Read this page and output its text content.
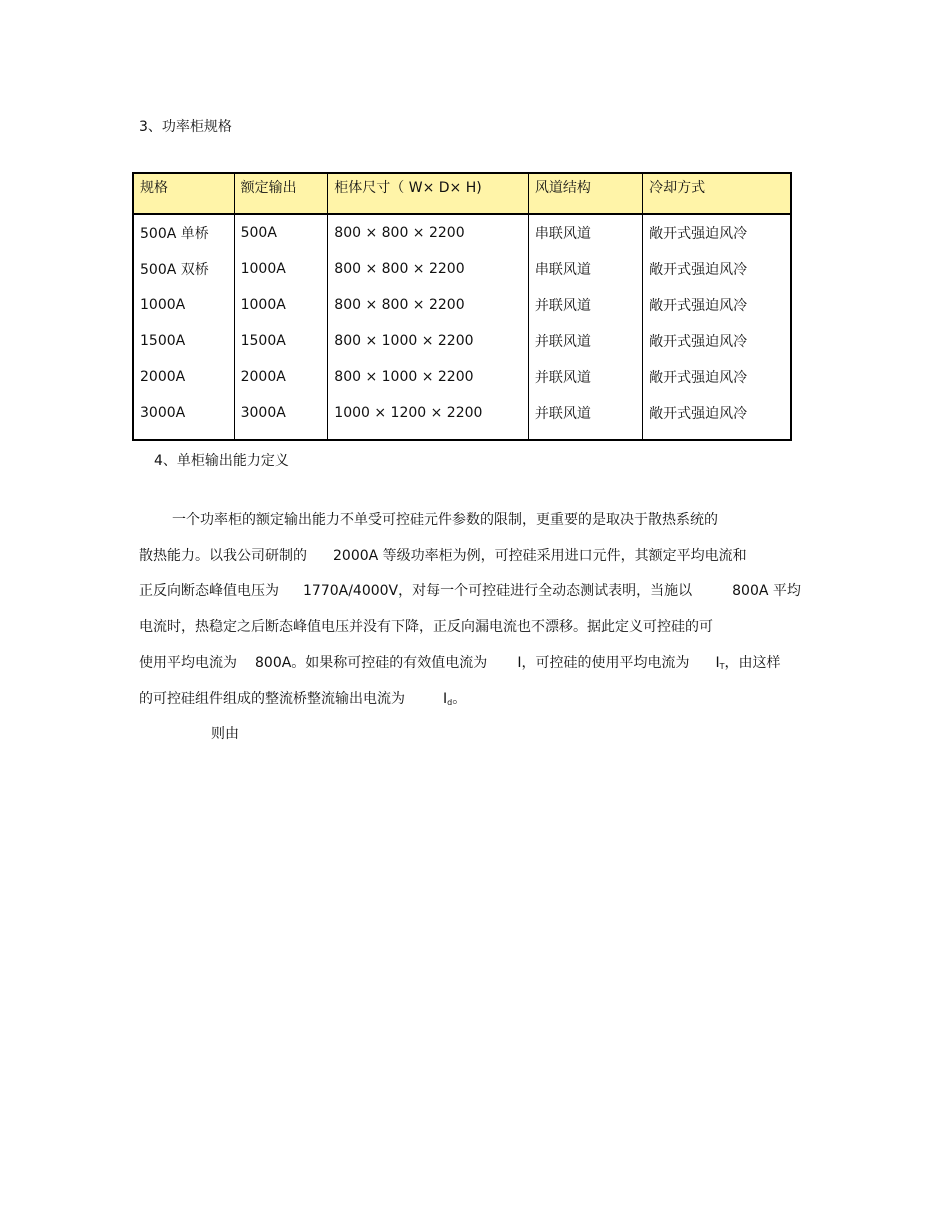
3、功率柜规格
规格	额定输出	柜体尺寸（ W× D× H)	风道结构	冷却方式
500A 单桥	500A	800 × 800 × 2200	串联风道	敞开式强迫风冷
500A 双桥	1000A	800 × 800 × 2200	串联风道	敞开式强迫风冷
1000A	1000A	800 × 800 × 2200	并联风道	敞开式强迫风冷
1500A	1500A	800 × 1000 × 2200	并联风道	敞开式强迫风冷
2000A	2000A	800 × 1000 × 2200	并联风道	敞开式强迫风冷
3000A	3000A	1000 × 1200 × 2200	并联风道	敞开式强迫风冷
4、单柜输出能力定义
一个功率柜的额定输出能力不单受可控硅元件参数的限制，更重要的是取决于散热系统的
散热能力。以我公司研制的 2000A 等级功率柜为例，可控硅采用进口元件，其额定平均电流和
正反向断态峰值电压为 1770A/4000V，对每一个可控硅进行全动态测试表明，当施以	800A 平均
电流时，热稳定之后断态峰值电压并没有下降，正反向漏电流也不漂移。据此定义可控硅的可
使用平均电流为 800A。如果称可控硅的有效值电流为 I，可控硅的使用平均电流为 $I_T$，由这样
的可控硅组件组成的整流桥整流输出电流为	$I_d$。
则由
